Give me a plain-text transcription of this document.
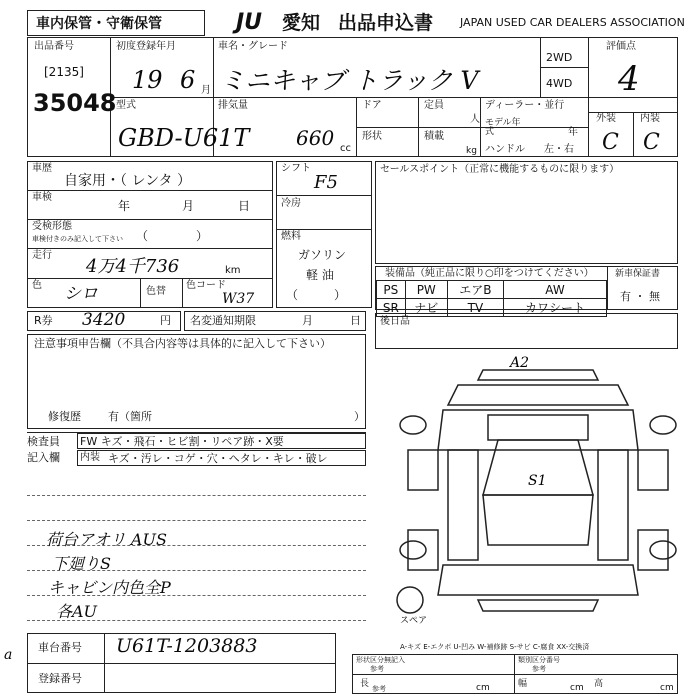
車内保管・守衛保管	JU 愛知 出品申込書 JAPAN USED CAR DEALERS ASSOCIATION
出品番号
[2135]
35048
初度登録年月
19 6 月
車名・グレード
ミニキャブ トラック V
2WD
4WD
評価点
4
型式
GBD-U61T
排気量
660 cc
ドア	定員
人
ディーラー・並行
モデル年式	年
形状	積載
kg ハンドル 左・右
外装 内装
C C
車歴
自家用・（ レンタ ）
車検
年	月	日
受検形態
車検付きのみ記入して下さい （　　　　）
走行
4万4千736	km
色 シロ	色替
色コード
W37
シフト
F5
冷房
燃料
ガソリン
軽 油
（　　　）
セールスポイント（正常に機能するものに限ります）
装備品（純正品に限り○印をつけてください）
PS	PW	エアB	AW
SR	ナビ	TV	カワシート
新車保証書
有 ・ 無
R券 3420	円 名変通知期限	月	日 後日品
注意事項申告欄（不具合内容等は具体的に記入して下さい）
修復歴 有（箇所	）
検査員
記入欄
FW キズ・飛石・ヒビ割・リペア跡・X要
内装 キズ・汚レ・コゲ・穴・ヘタレ・キレ・破レ
荷台アオリ AUS
下廻りS
キャビン内色全P
各AU
A2
S1
スペア
A-キズ E-エクボ U-凹み W-補修跡 S-サビ C-腐食 XX-交換済
車台番号 U61T-1203883
登録番号
形状区分無記入
参考
類別区分番号
参考
長 参考	cm	幅	cm 高	cm
a
